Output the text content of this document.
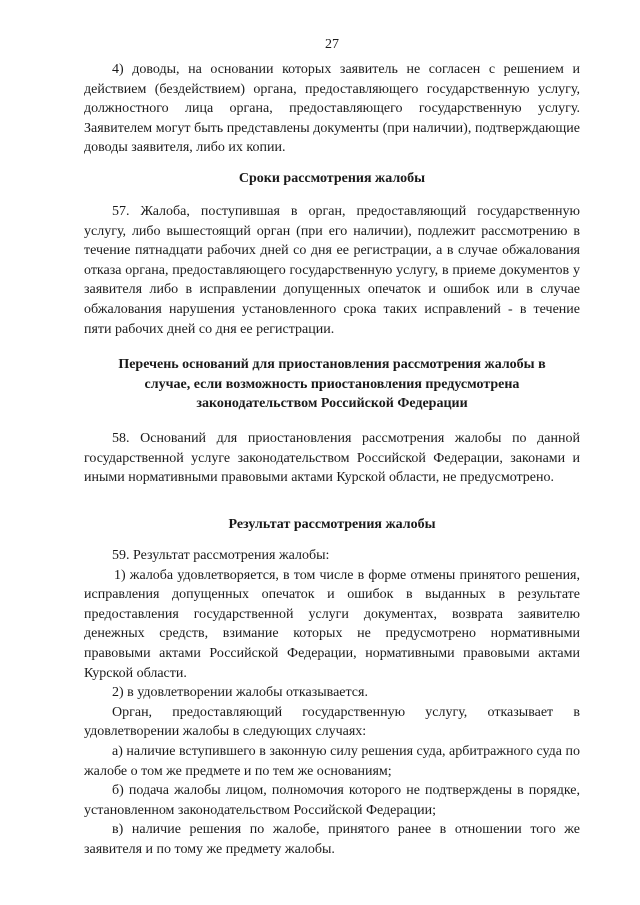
27

4) доводы, на основании которых заявитель не согласен с решением и действием (бездействием) органа, предоставляющего государственную услугу, должностного лица органа, предоставляющего государственную услугу. Заявителем могут быть представлены документы (при наличии), подтверждающие доводы заявителя, либо их копии.

Сроки рассмотрения жалобы

57. Жалоба, поступившая в орган, предоставляющий государственную услугу, либо вышестоящий орган (при его наличии), подлежит рассмотрению в течение пятнадцати рабочих дней со дня ее регистрации, а в случае обжалования отказа органа, предоставляющего государственную услугу, в приеме документов у заявителя либо в исправлении допущенных опечаток и ошибок или в случае обжалования нарушения установленного срока таких исправлений - в течение пяти рабочих дней со дня ее регистрации.

Перечень оснований для приостановления рассмотрения жалобы в
случае, если возможность приостановления предусмотрена
законодательством Российской Федерации

58. Оснований для приостановления рассмотрения жалобы по данной государственной услуге законодательством Российской Федерации, законами и иными нормативными правовыми актами Курской области, не предусмотрено.

Результат рассмотрения жалобы

59. Результат рассмотрения жалобы:

1) жалоба удовлетворяется, в том числе в форме отмены принятого решения, исправления допущенных опечаток и ошибок в выданных в результате предоставления государственной услуги документах, возврата заявителю денежных средств, взимание которых не предусмотрено нормативными правовыми актами Российской Федерации, нормативными правовыми актами Курской области.

2) в удовлетворении жалобы отказывается.

Орган, предоставляющий государственную услугу, отказывает в удовлетворении жалобы в следующих случаях:

а) наличие вступившего в законную силу решения суда, арбитражного суда по жалобе о том же предмете и по тем же основаниям;

б) подача жалобы лицом, полномочия которого не подтверждены в порядке, установленном законодательством Российской Федерации;

в) наличие решения по жалобе, принятого ранее в отношении того же заявителя и по тому же предмету жалобы.
